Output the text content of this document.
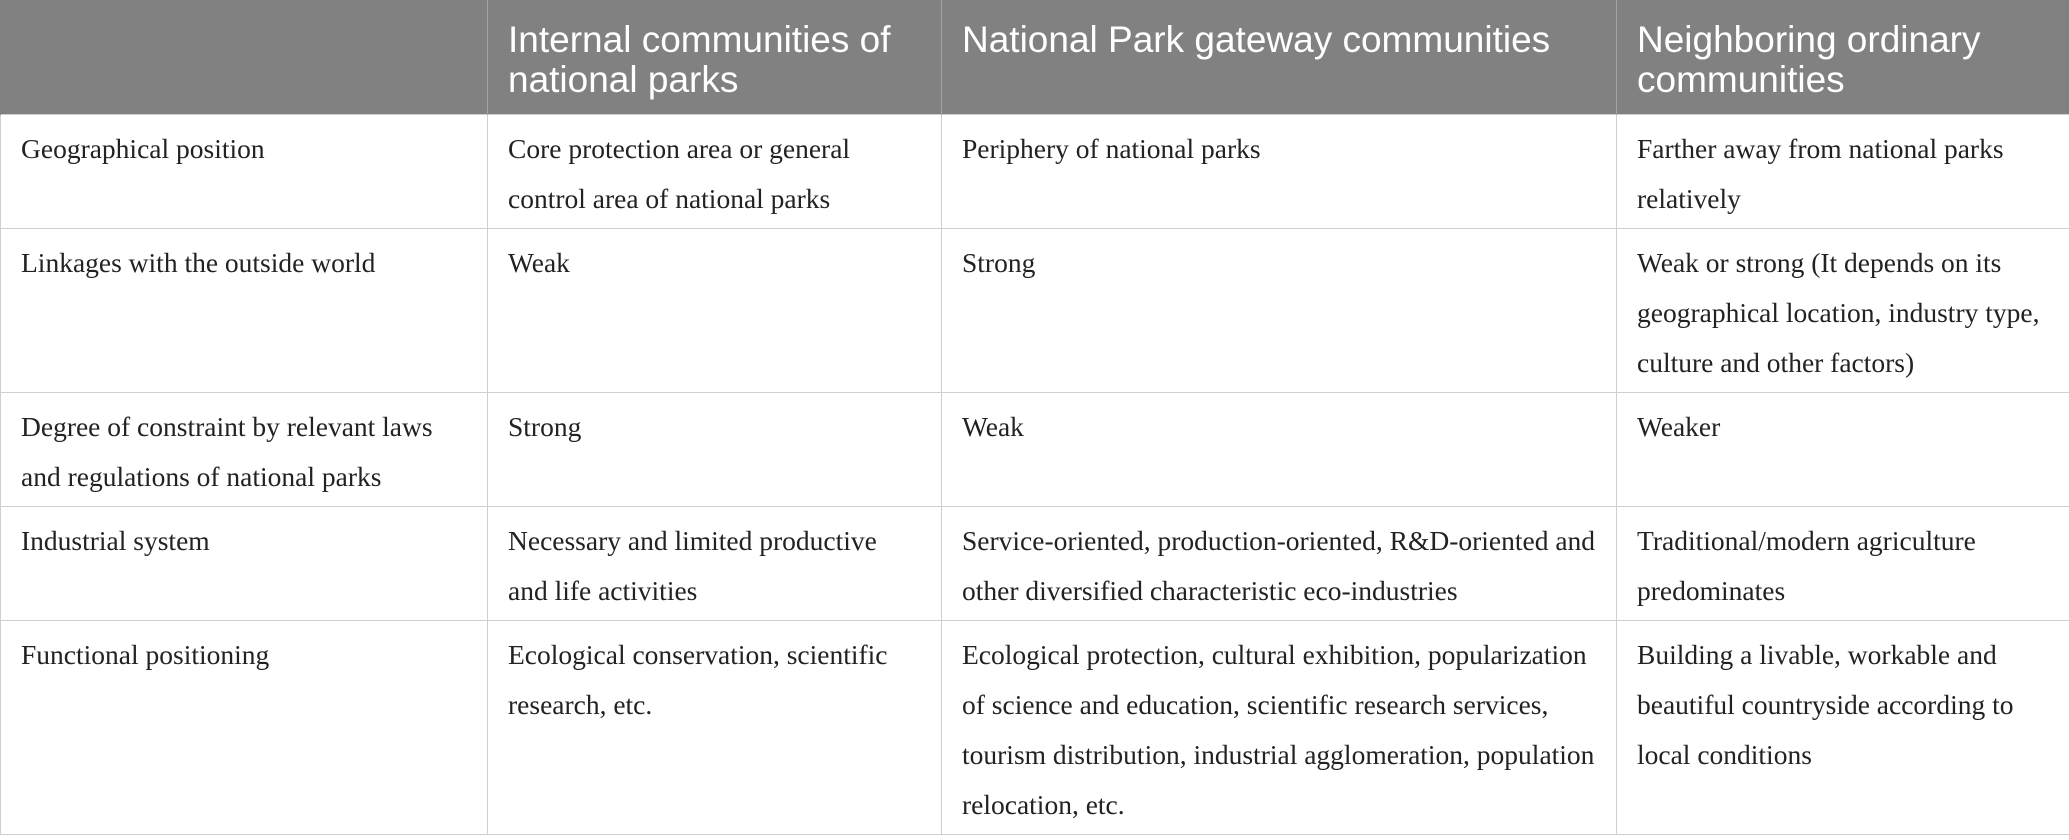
	Internal communities of national parks	National Park gateway communities	Neighboring ordinary communities
Geographical position	Core protection area or general control area of national parks	Periphery of national parks	Farther away from national parks relatively
Linkages with the outside world	Weak	Strong	Weak or strong (It depends on its geographical location, industry type, culture and other factors)
Degree of constraint by relevant laws and regulations of national parks	Strong	Weak	Weaker
Industrial system	Necessary and limited productive and life activities	Service-oriented, production-oriented, R&D-oriented and other diversified characteristic eco-industries	Traditional/modern agriculture predominates
Functional positioning	Ecological conservation, scientific research, etc.	Ecological protection, cultural exhibition, popularization of science and education, scientific research services, tourism distribution, industrial agglomeration, population relocation, etc.	Building a livable, workable and beautiful countryside according to local conditions
